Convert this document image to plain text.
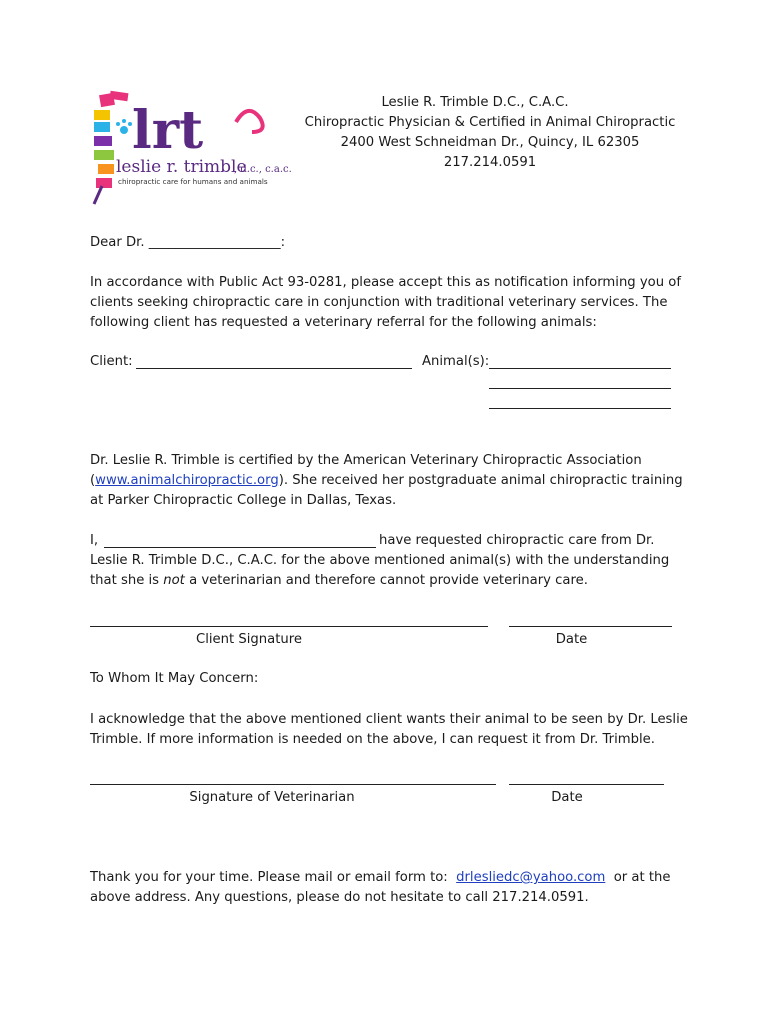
lrt
leslie r. trimble
, d.c., c.a.c.
chiropractic care for humans and animals
Leslie R. Trimble D.C., C.A.C.
Chiropractic Physician & Certified in Animal Chiropractic
2400 West Schneidman Dr., Quincy, IL 62305
217.214.0591
Dear Dr. ____________________:
In accordance with Public Act 93-0281, please accept this as notification informing you of
clients seeking chiropractic care in conjunction with traditional veterinary services. The
following client has requested a veterinary referral for the following animals:
Client:	Animal(s):
Dr. Leslie R. Trimble is certified by the American Veterinary Chiropractic Association
(www.animalchiropractic.org). She received her postgraduate animal chiropractic training
at Parker Chiropractic College in Dallas, Texas.
I,	have requested chiropractic care from Dr.
Leslie R. Trimble D.C., C.A.C. for the above mentioned animal(s) with the understanding
that she is not a veterinarian and therefore cannot provide veterinary care.
Client Signature	Date
To Whom It May Concern:
I acknowledge that the above mentioned client wants their animal to be seen by Dr. Leslie
Trimble. If more information is needed on the above, I can request it from Dr. Trimble.
Signature of Veterinarian	Date
Thank you for your time. Please mail or email form to: drlesliedc@yahoo.com or at the
above address. Any questions, please do not hesitate to call 217.214.0591.
